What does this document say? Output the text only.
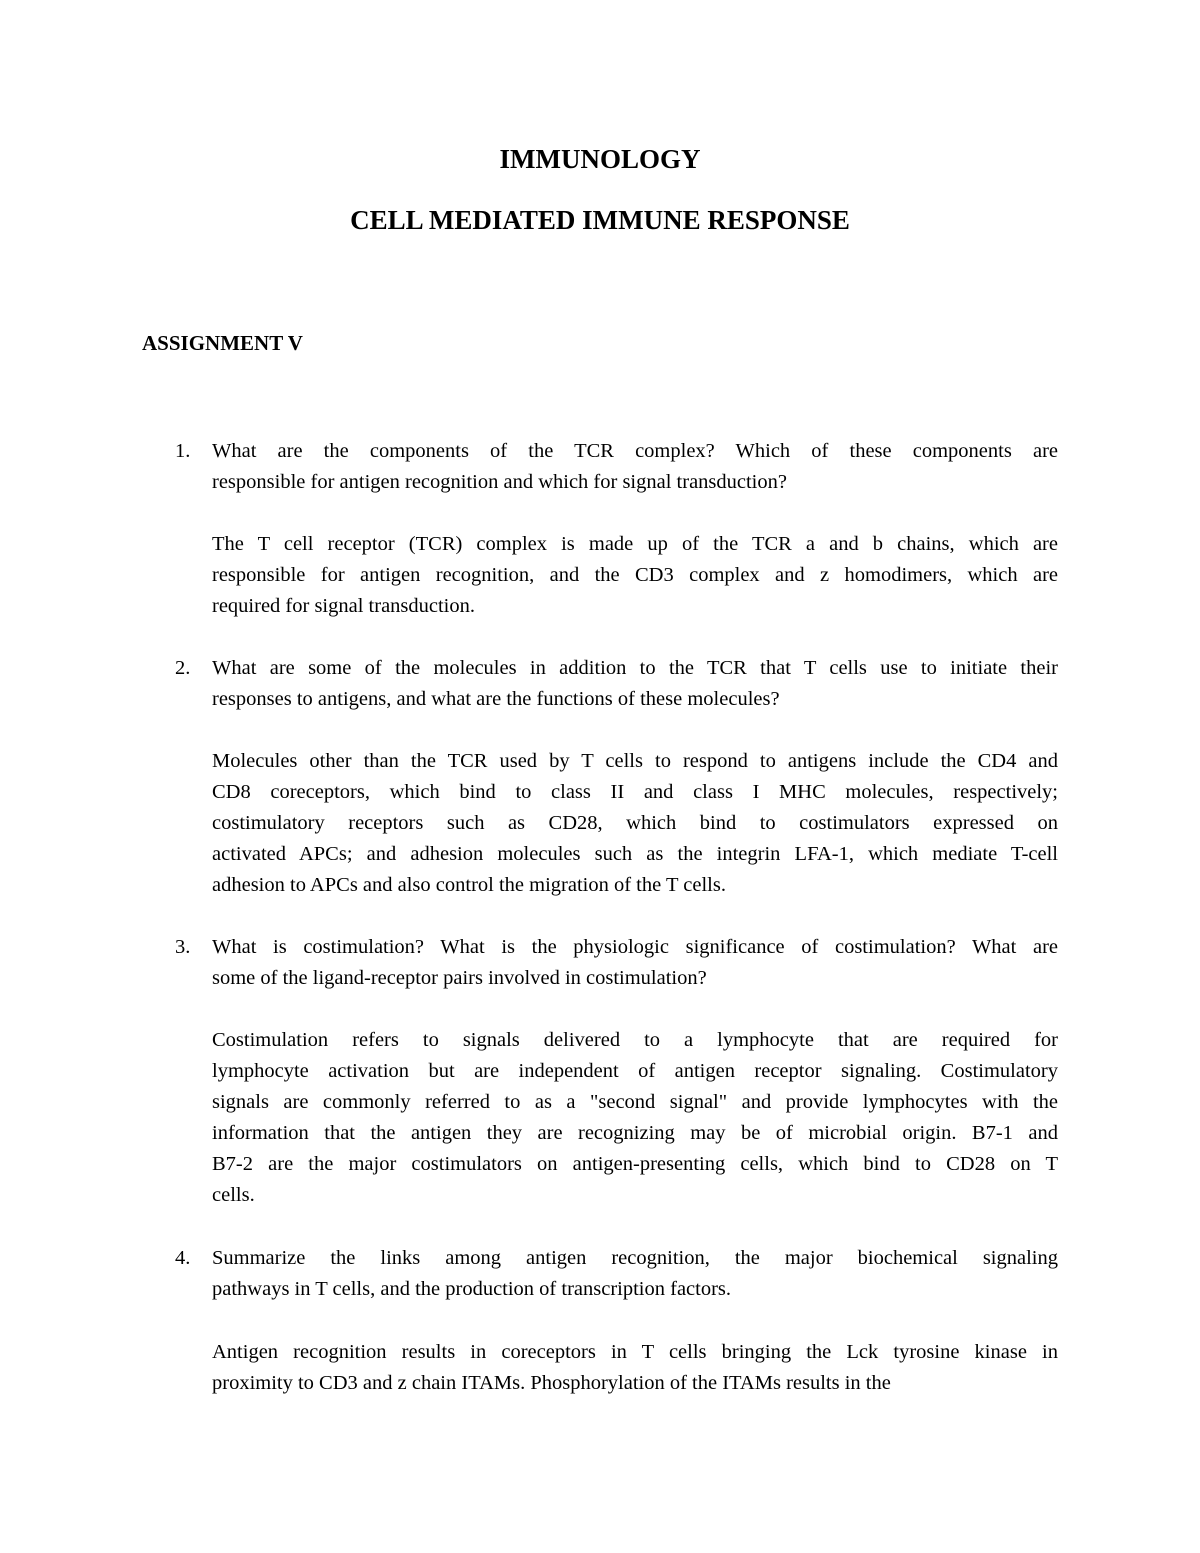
IMMUNOLOGY
CELL MEDIATED IMMUNE RESPONSE
ASSIGNMENT V
1. What are the components of the TCR complex? Which of these components are
responsible for antigen recognition and which for signal transduction?
The T cell receptor (TCR) complex is made up of the TCR a and b chains, which are
responsible for antigen recognition, and the CD3 complex and z homodimers, which are
required for signal transduction.
2. What are some of the molecules in addition to the TCR that T cells use to initiate their
responses to antigens, and what are the functions of these molecules?
Molecules other than the TCR used by T cells to respond to antigens include the CD4 and
CD8 coreceptors, which bind to class II and class I MHC molecules, respectively;
costimulatory receptors such as CD28, which bind to costimulators expressed on
activated APCs; and adhesion molecules such as the integrin LFA-1, which mediate T-cell
adhesion to APCs and also control the migration of the T cells.
3. What is costimulation? What is the physiologic significance of costimulation? What are
some of the ligand-receptor pairs involved in costimulation?
Costimulation refers to signals delivered to a lymphocyte that are required for
lymphocyte activation but are independent of antigen receptor signaling. Costimulatory
signals are commonly referred to as a "second signal" and provide lymphocytes with the
information that the antigen they are recognizing may be of microbial origin. B7-1 and
B7-2 are the major costimulators on antigen-presenting cells, which bind to CD28 on T
cells.
4. Summarize the links among antigen recognition, the major biochemical signaling
pathways in T cells, and the production of transcription factors.
Antigen recognition results in coreceptors in T cells bringing the Lck tyrosine kinase in
proximity to CD3 and z chain ITAMs. Phosphorylation of the ITAMs results in the
